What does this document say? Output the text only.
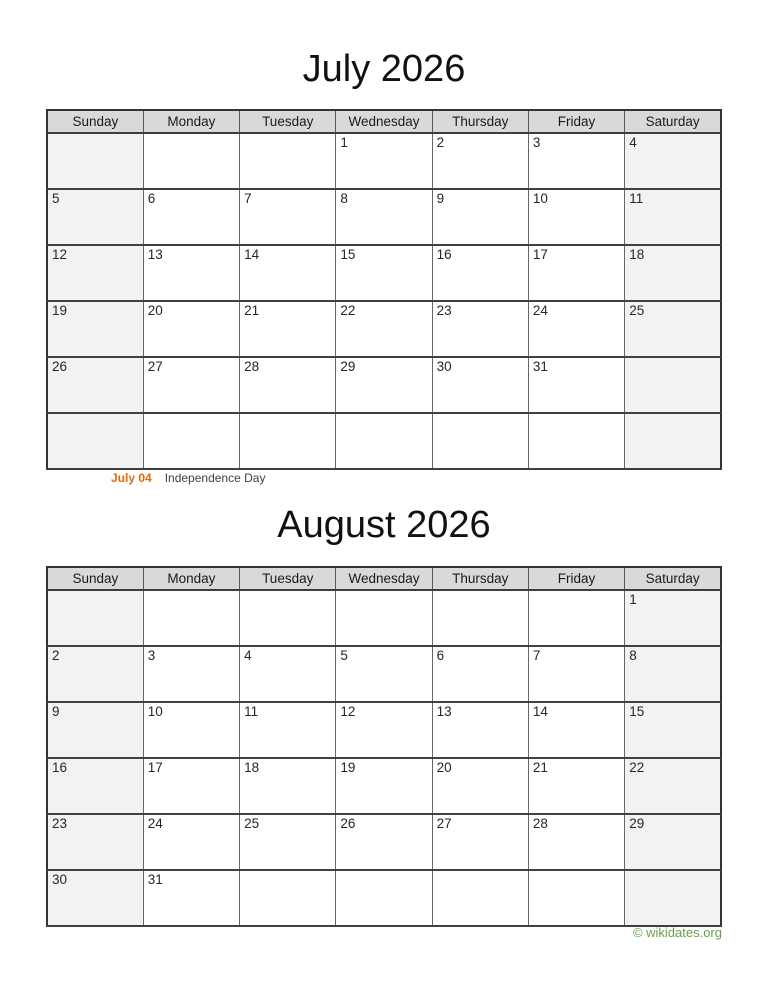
July 2026
Sunday	Monday	Tuesday	Wednesday	Thursday	Friday	Saturday
			1	2	3	4
5	6	7	8	9	10	11
12	13	14	15	16	17	18
19	20	21	22	23	24	25
26	27	28	29	30	31	

July 04 Independence Day
August 2026
Sunday	Monday	Tuesday	Wednesday	Thursday	Friday	Saturday
						1
2	3	4	5	6	7	8
9	10	11	12	13	14	15
16	17	18	19	20	21	22
23	24	25	26	27	28	29
30	31					
© wikidates.org
